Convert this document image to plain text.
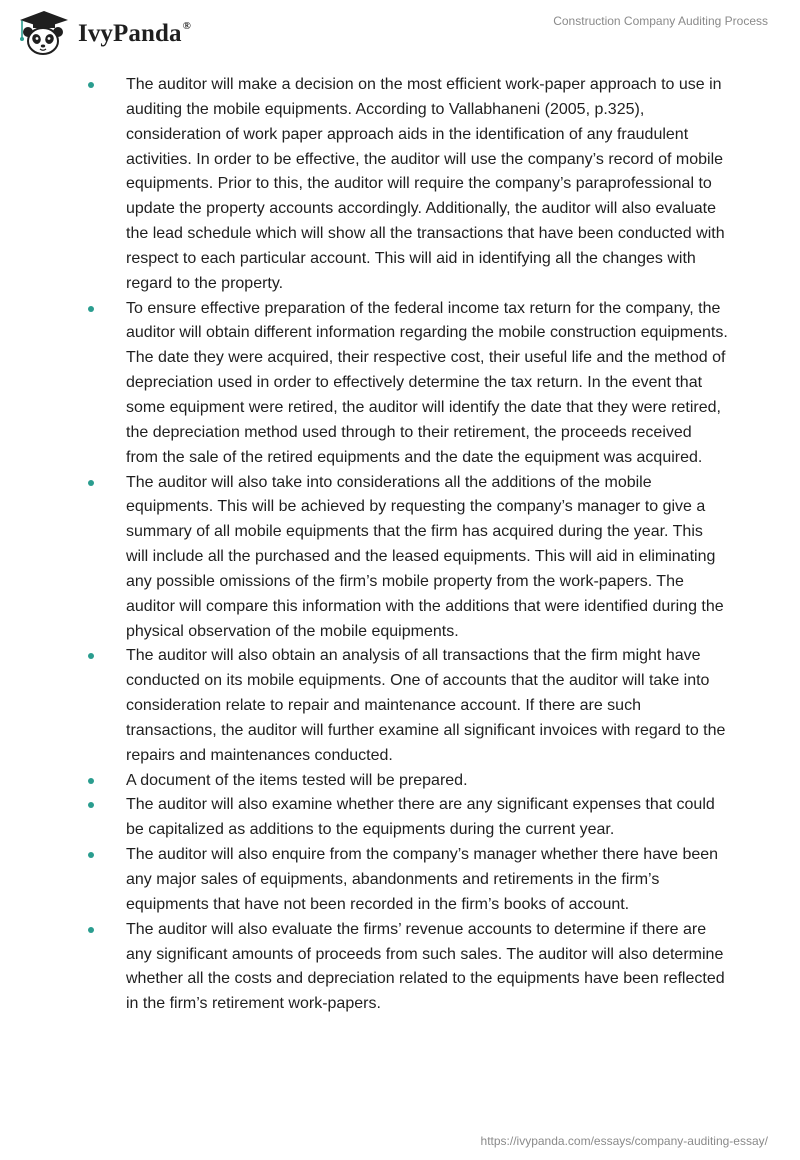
IvyPanda®	Construction Company Auditing Process
The auditor will make a decision on the most efficient work-paper approach to use in auditing the mobile equipments. According to Vallabhaneni (2005, p.325), consideration of work paper approach aids in the identification of any fraudulent activities. In order to be effective, the auditor will use the company’s record of mobile equipments. Prior to this, the auditor will require the company’s paraprofessional to update the property accounts accordingly. Additionally, the auditor will also evaluate the lead schedule which will show all the transactions that have been conducted with respect to each particular account. This will aid in identifying all the changes with regard to the property.
To ensure effective preparation of the federal income tax return for the company, the auditor will obtain different information regarding the mobile construction equipments. The date they were acquired, their respective cost, their useful life and the method of depreciation used in order to effectively determine the tax return. In the event that some equipment were retired, the auditor will identify the date that they were retired, the depreciation method used through to their retirement, the proceeds received from the sale of the retired equipments and the date the equipment was acquired.
The auditor will also take into considerations all the additions of the mobile equipments. This will be achieved by requesting the company’s manager to give a summary of all mobile equipments that the firm has acquired during the year. This will include all the purchased and the leased equipments. This will aid in eliminating any possible omissions of the firm’s mobile property from the work-papers. The auditor will compare this information with the additions that were identified during the physical observation of the mobile equipments.
The auditor will also obtain an analysis of all transactions that the firm might have conducted on its mobile equipments. One of accounts that the auditor will take into consideration relate to repair and maintenance account. If there are such transactions, the auditor will further examine all significant invoices with regard to the repairs and maintenances conducted.
A document of the items tested will be prepared.
The auditor will also examine whether there are any significant expenses that could be capitalized as additions to the equipments during the current year.
The auditor will also enquire from the company’s manager whether there have been any major sales of equipments, abandonments and retirements in the firm’s equipments that have not been recorded in the firm’s books of account.
The auditor will also evaluate the firms’ revenue accounts to determine if there are any significant amounts of proceeds from such sales. The auditor will also determine whether all the costs and depreciation related to the equipments have been reflected in the firm’s retirement work-papers.
https://ivypanda.com/essays/company-auditing-essay/
